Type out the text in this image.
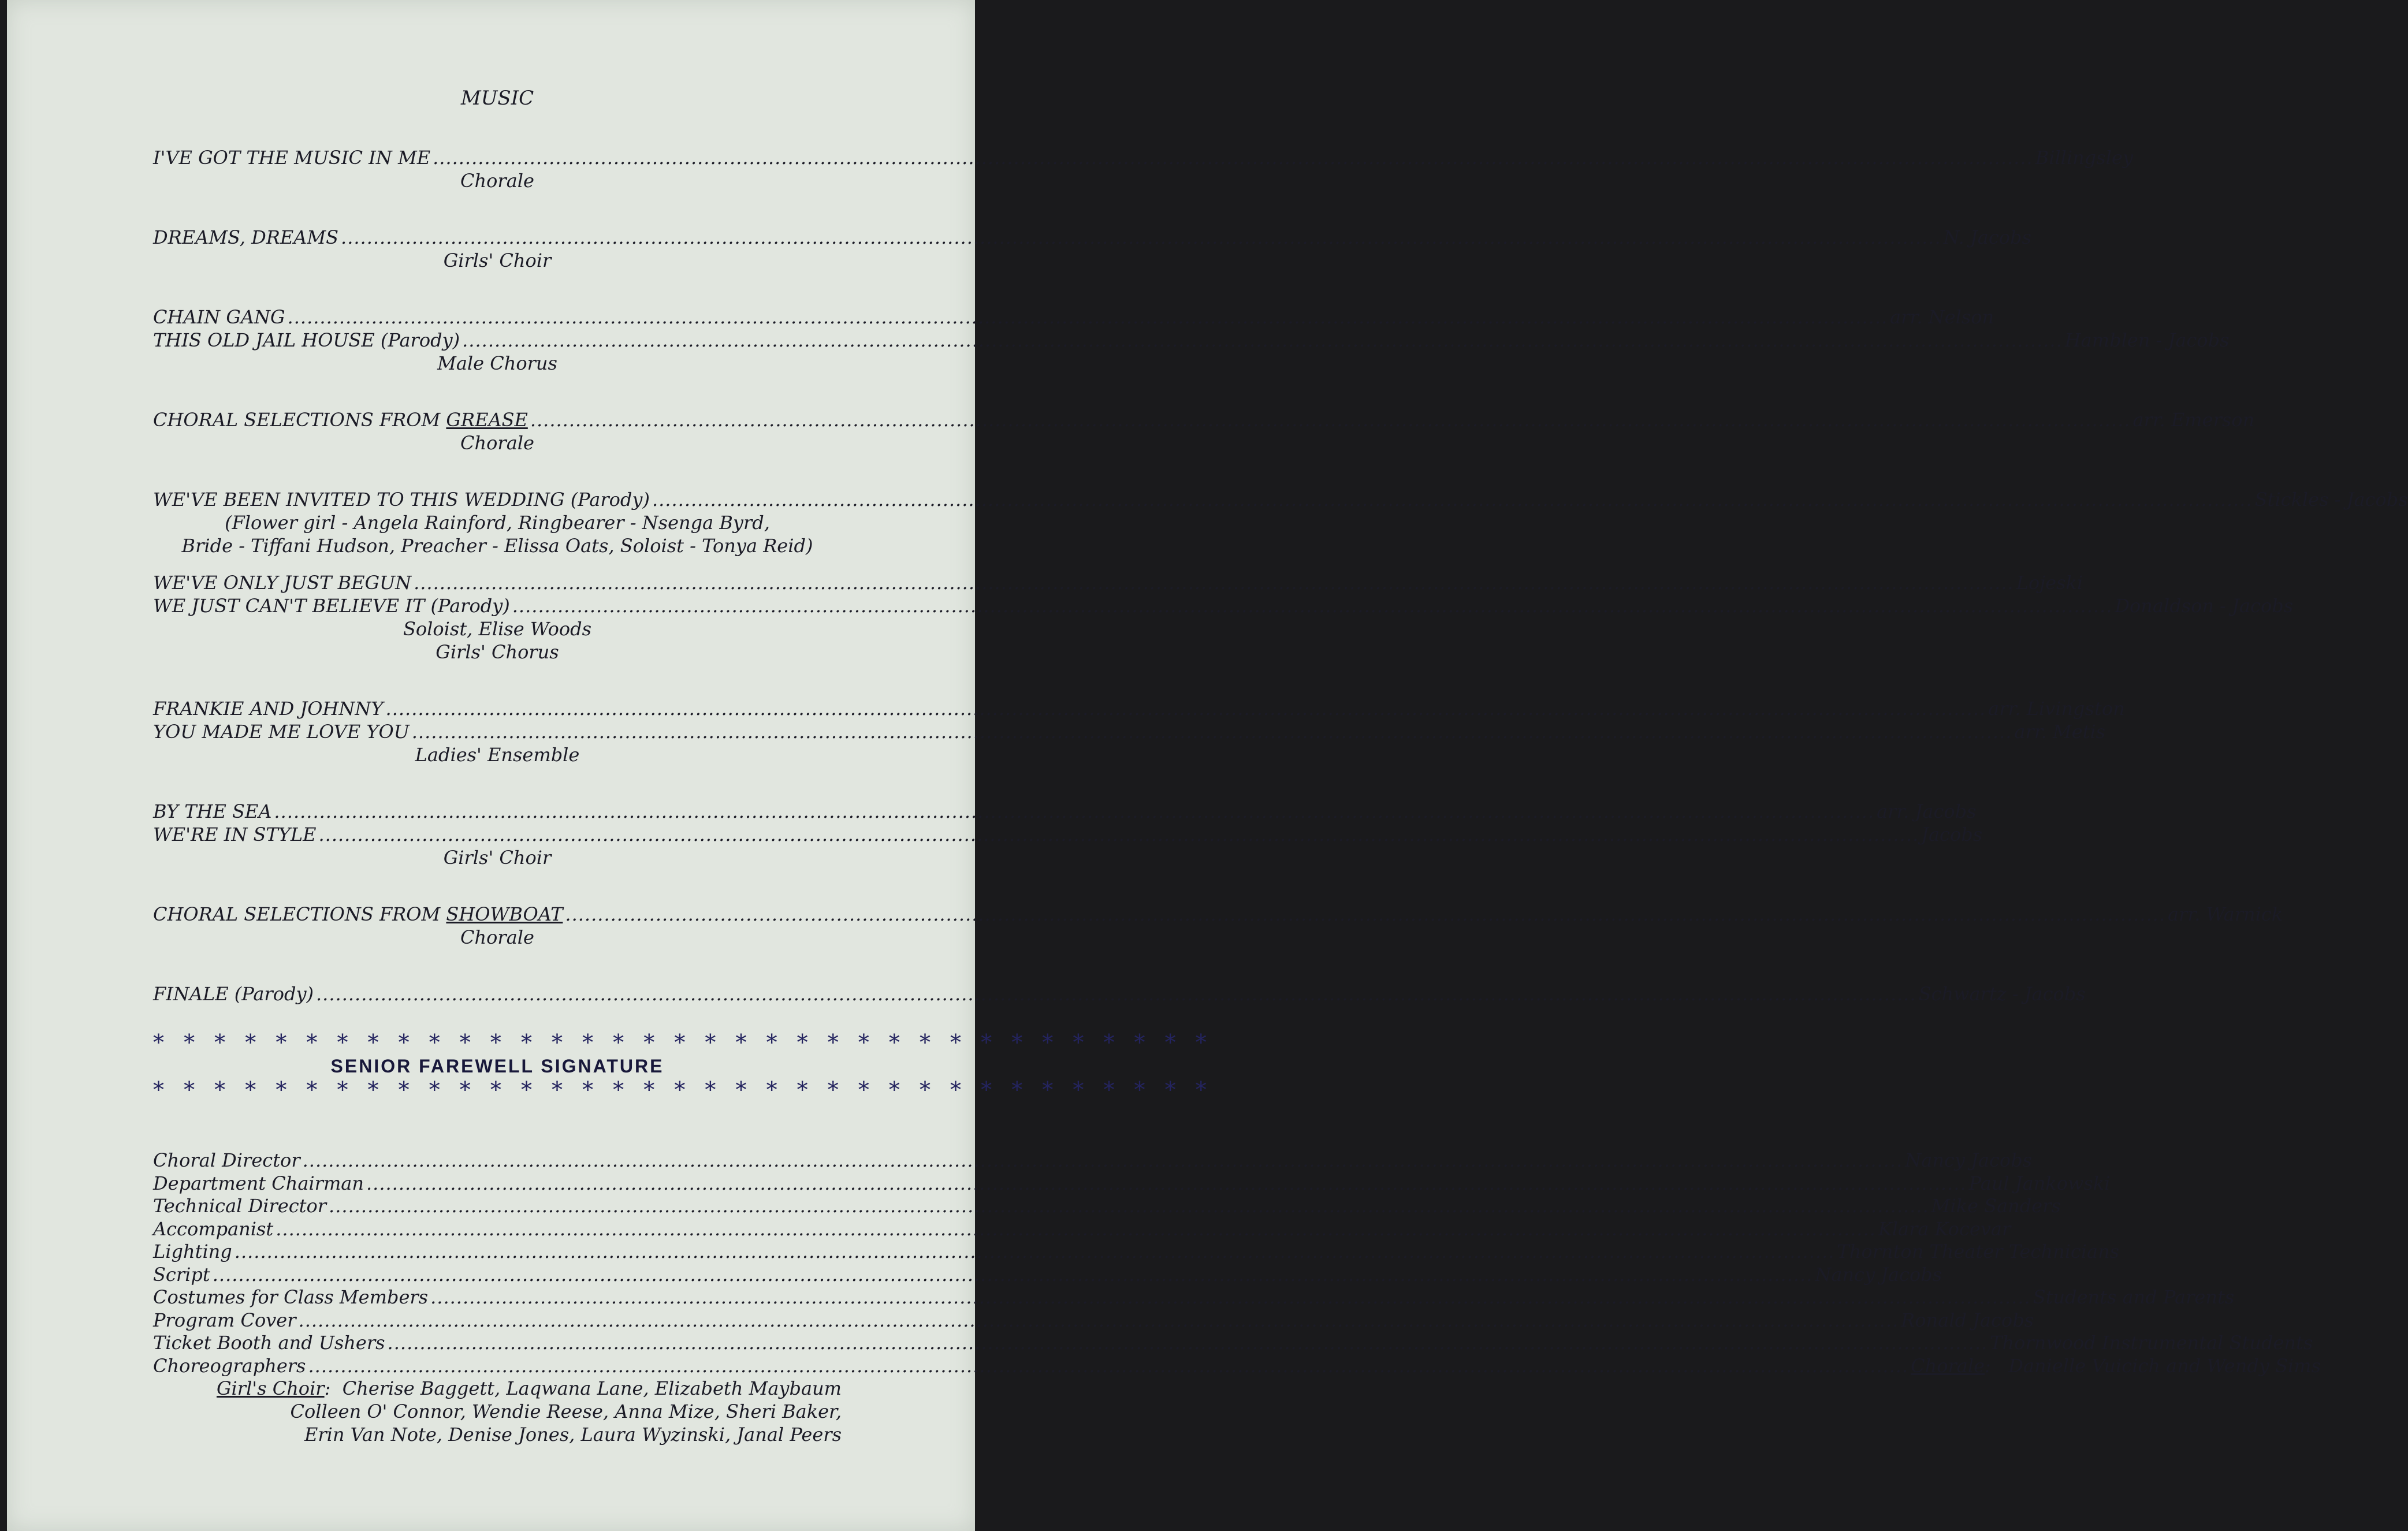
MUSIC
I'VE GOT THE MUSIC IN ME .....	Billingsley
Chorale
DREAMS, DREAMS .....	N. Jacobs
Girls' Choir
CHAIN GANG .....	arr. Nelson
THIS OLD JAIL HOUSE (Parody) .....	Hamblen - Jacobs
Male Chorus
CHORAL SELECTIONS FROM GREASE .....	arr. Emerson
Chorale
WE'VE BEEN INVITED TO THIS WEDDING (Parody) .....	Stickles - Jacobs
(Flower girl - Angela Rainford, Ringbearer - Nsenga Byrd,
Bride - Tiffani Hudson, Preacher - Elissa Oats, Soloist - Tonya Reid)
WE'VE ONLY JUST BEGUN .....	Lojeski
WE JUST CAN'T BELIEVE IT (Parody) .....	Donaldson - Jacobs
Soloist, Elise Woods
Girls' Chorus
FRANKIE AND JOHNNY .....	arr. Livingston
YOU MADE ME LOVE YOU .....	arr. Metis
Ladies' Ensemble
BY THE SEA .....	arr. Jacobs
WE'RE IN STYLE .....	Jacobs
Girls' Choir
CHORAL SELECTIONS FROM SHOWBOAT .....	arr. Warnick
Chorale
FINALE (Parody) .....	Schwartz - Jacobs
* * * * * * * * * * * * * * * * * * * * * * * * * * * * * * * * * * *
SENIOR FAREWELL SIGNATURE
* * * * * * * * * * * * * * * * * * * * * * * * * * * * * * * * * * *
Choral Director .....	Nancy Jacobs
Department Chairman .....	Paul Jankowski
Technical Director .....	Mike Sanders
Accompanist .....	Klara Kocevar
Lighting .....	Thornton Theater Technicians
Script .....	Nancy Jacobs
Costumes for Class Members .....	Students and Parents
Program Cover .....	Ronald Jacobs
Ticket Booth and Ushers .....	Thornwood Instrumental Students
Choreographers .....	Chorale : Danielle Vuicich and Wendy Sims
Girl's Choir:  Cherise Baggett, Laqwana Lane, Elizabeth Maybaum
Colleen O' Connor, Wendie Reese, Anna Mize, Sheri Baker,
Erin Van Note, Denise Jones, Laura Wyzinski, Janal Peers
